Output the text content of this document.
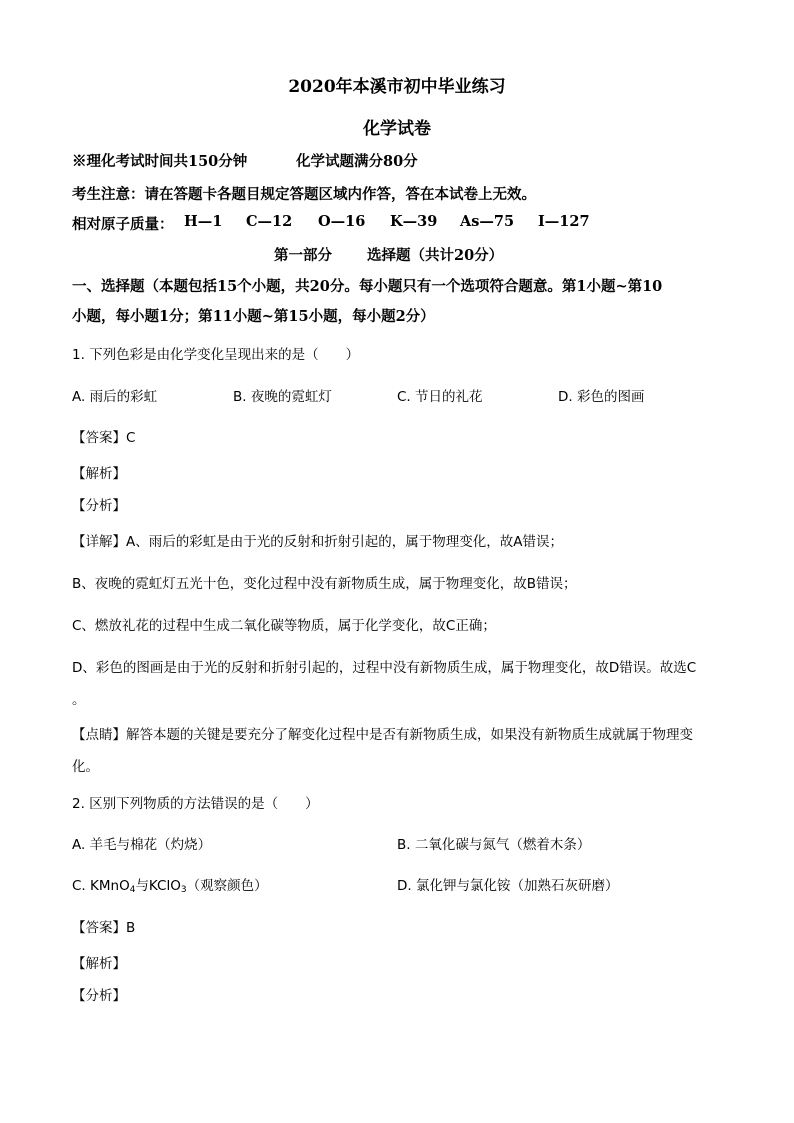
2020年本溪市初中毕业练习
化学试卷
※理化考试时间共150分钟	化学试题满分80分
考生注意：请在答题卡各题目规定答题区域内作答，答在本试卷上无效。
相对原子质量： H—1 C—12 O—16 K—39 As—75 I—127
第一部分 选择题（共计20分）
一、选择题（本题包括15个小题，共20分。每小题只有一个选项符合题意。第1小题~第10
小题，每小题1分；第11小题~第15小题，每小题2分）
1. 下列色彩是由化学变化呈现出来的是（　　）
A. 雨后的彩虹	B. 夜晚的霓虹灯	C. 节日的礼花	D. 彩色的图画
【答案】C
【解析】
【分析】
【详解】A、雨后的彩虹是由于光的反射和折射引起的，属于物理变化，故A错误；
B、夜晚的霓虹灯五光十色，变化过程中没有新物质生成，属于物理变化，故B错误；
C、燃放礼花的过程中生成二氧化碳等物质，属于化学变化，故C正确；
D、彩色的图画是由于光的反射和折射引起的，过程中没有新物质生成，属于物理变化，故D错误。故选C
。
【点睛】解答本题的关键是要充分了解变化过程中是否有新物质生成，如果没有新物质生成就属于物理变
化。
2. 区别下列物质的方法错误的是（　　）
A. 羊毛与棉花（灼烧）	B. 二氧化碳与氮气（燃着木条）
C. KMnO$_4$与KClO$_3$（观察颜色）	D. 氯化钾与氯化铵（加熟石灰研磨）
【答案】B
【解析】
【分析】
